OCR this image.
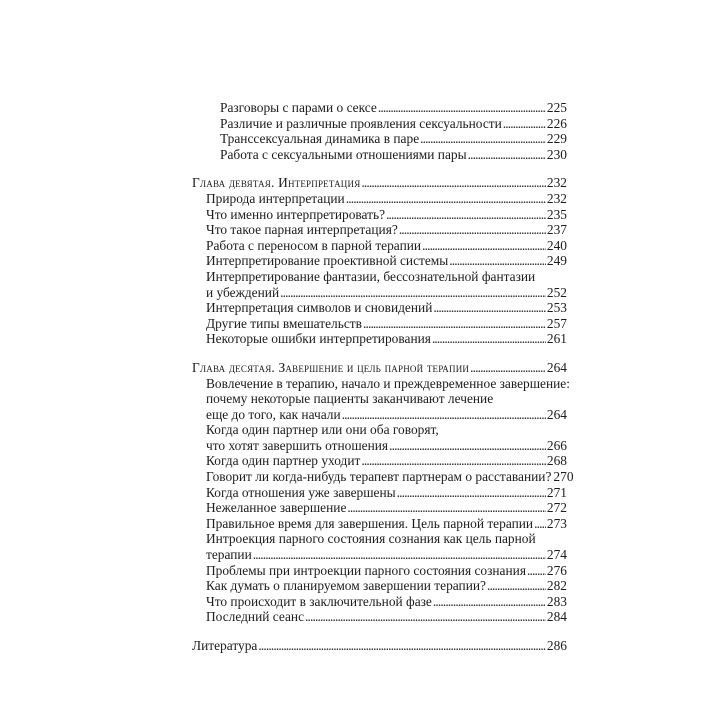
Разговоры с парами о сексе . . .	225
Различие и различные проявления сексуальности . . .	226
Транссексуальная динамика в паре . . .	229
Работа с сексуальными отношениями пары . . .	230
Глава девятая. Интерпретация . . .	232
Природа интерпретации . . .	232
Что именно интерпретировать? . . .	235
Что такое парная интерпретация? . . .	237
Работа с переносом в парной терапии . . .	240
Интерпретирование проективной системы . . .	249
Интерпретирование фантазии, бессознательной фантазии
и убеждений . . .	252
Интерпретация символов и сновидений . . .	253
Другие типы вмешательств . . .	257
Некоторые ошибки интерпретирования . . .	261
Глава десятая. Завершение и цель парной терапии . . .	264
Вовлечение в терапию, начало и преждевременное завершение:
почему некоторые пациенты заканчивают лечение
еще до того, как начали . . .	264
Когда один партнер или они оба говорят,
что хотят завершить отношения . . .	266
Когда один партнер уходит . . .	268
Говорит ли когда-нибудь терапевт партнерам о расставании? 270
Когда отношения уже завершены . . .	271
Нежеланное завершение . . .	272
Правильное время для завершения. Цель парной терапии . . . 273
Интроекция парного состояния сознания как цель парной
терапии . . .	274
Проблемы при интроекции парного состояния сознания . . . 276
Как думать о планируемом завершении терапии? . . .	282
Что происходит в заключительной фазе . . .	283
Последний сеанс . . .	284
Литература . . .	286
